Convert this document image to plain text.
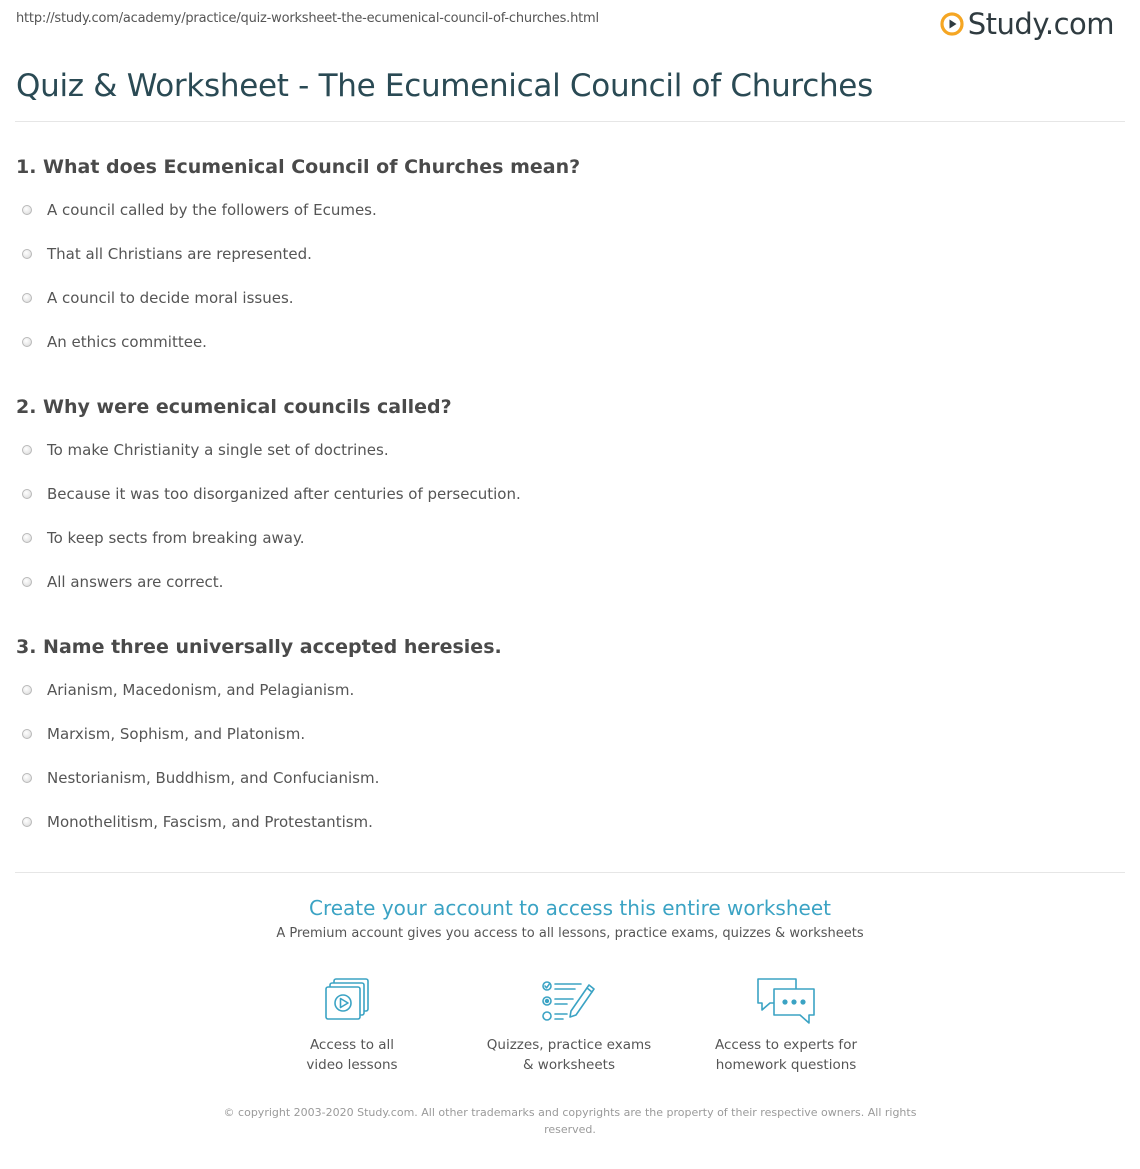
http://study.com/academy/practice/quiz-worksheet-the-ecumenical-council-of-churches.html	Study.com
Quiz & Worksheet - The Ecumenical Council of Churches
1. What does Ecumenical Council of Churches mean?
A council called by the followers of Ecumes.
That all Christians are represented.
A council to decide moral issues.
An ethics committee.
2. Why were ecumenical councils called?
To make Christianity a single set of doctrines.
Because it was too disorganized after centuries of persecution.
To keep sects from breaking away.
All answers are correct.
3. Name three universally accepted heresies.
Arianism, Macedonism, and Pelagianism.
Marxism, Sophism, and Platonism.
Nestorianism, Buddhism, and Confucianism.
Monothelitism, Fascism, and Protestantism.
Create your account to access this entire worksheet
A Premium account gives you access to all lessons, practice exams, quizzes & worksheets
Access to all
video lessons
Quizzes, practice exams
& worksheets
Access to experts for
homework questions
© copyright 2003-2020 Study.com. All other trademarks and copyrights are the property of their respective owners. All rights
reserved.
